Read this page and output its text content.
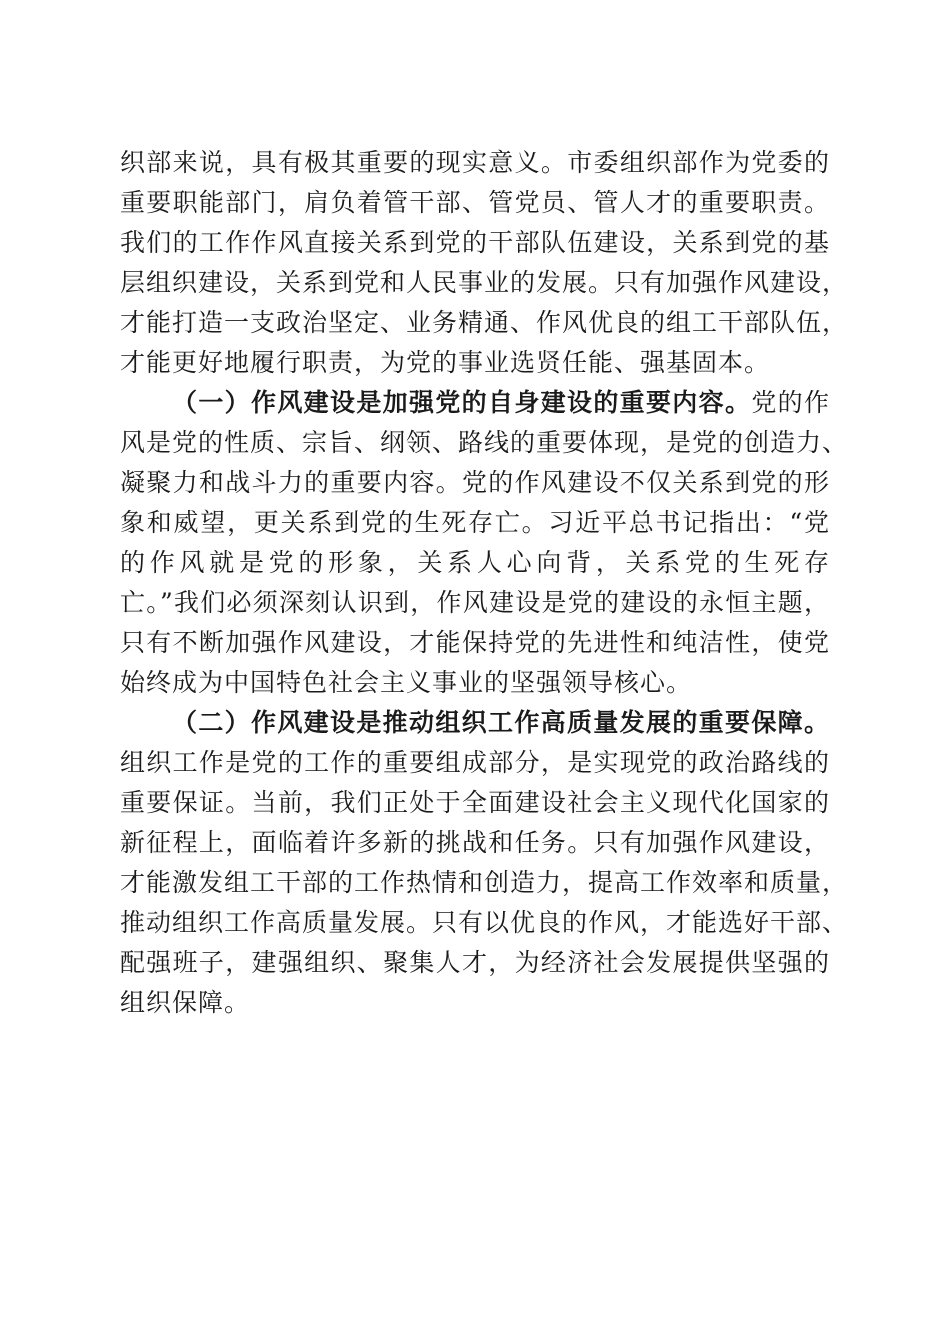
织部来说，具有极其重要的现实意义。市委组织部作为党委的
重要职能部门，肩负着管干部、管党员、管人才的重要职责。
我们的工作作风直接关系到党的干部队伍建设，关系到党的基
层组织建设，关系到党和人民事业的发展。只有加强作风建设，
才能打造一支政治坚定、业务精通、作风优良的组工干部队伍，
才能更好地履行职责，为党的事业选贤任能、强基固本。
（一）作风建设是加强党的自身建设的重要内容。党的作
风是党的性质、宗旨、纲领、路线的重要体现，是党的创造力、
凝聚力和战斗力的重要内容。党的作风建设不仅关系到党的形
象和威望，更关系到党的生死存亡。习近平总书记指出：“党
的作风就是党的形象，关系人心向背，关系党的生死存
亡。”我们必须深刻认识到，作风建设是党的建设的永恒主题，
只有不断加强作风建设，才能保持党的先进性和纯洁性，使党
始终成为中国特色社会主义事业的坚强领导核心。
（二）作风建设是推动组织工作高质量发展的重要保障。
组织工作是党的工作的重要组成部分，是实现党的政治路线的
重要保证。当前，我们正处于全面建设社会主义现代化国家的
新征程上，面临着许多新的挑战和任务。只有加强作风建设，
才能激发组工干部的工作热情和创造力，提高工作效率和质量，
推动组织工作高质量发展。只有以优良的作风，才能选好干部、
配强班子，建强组织、聚集人才，为经济社会发展提供坚强的
组织保障。
